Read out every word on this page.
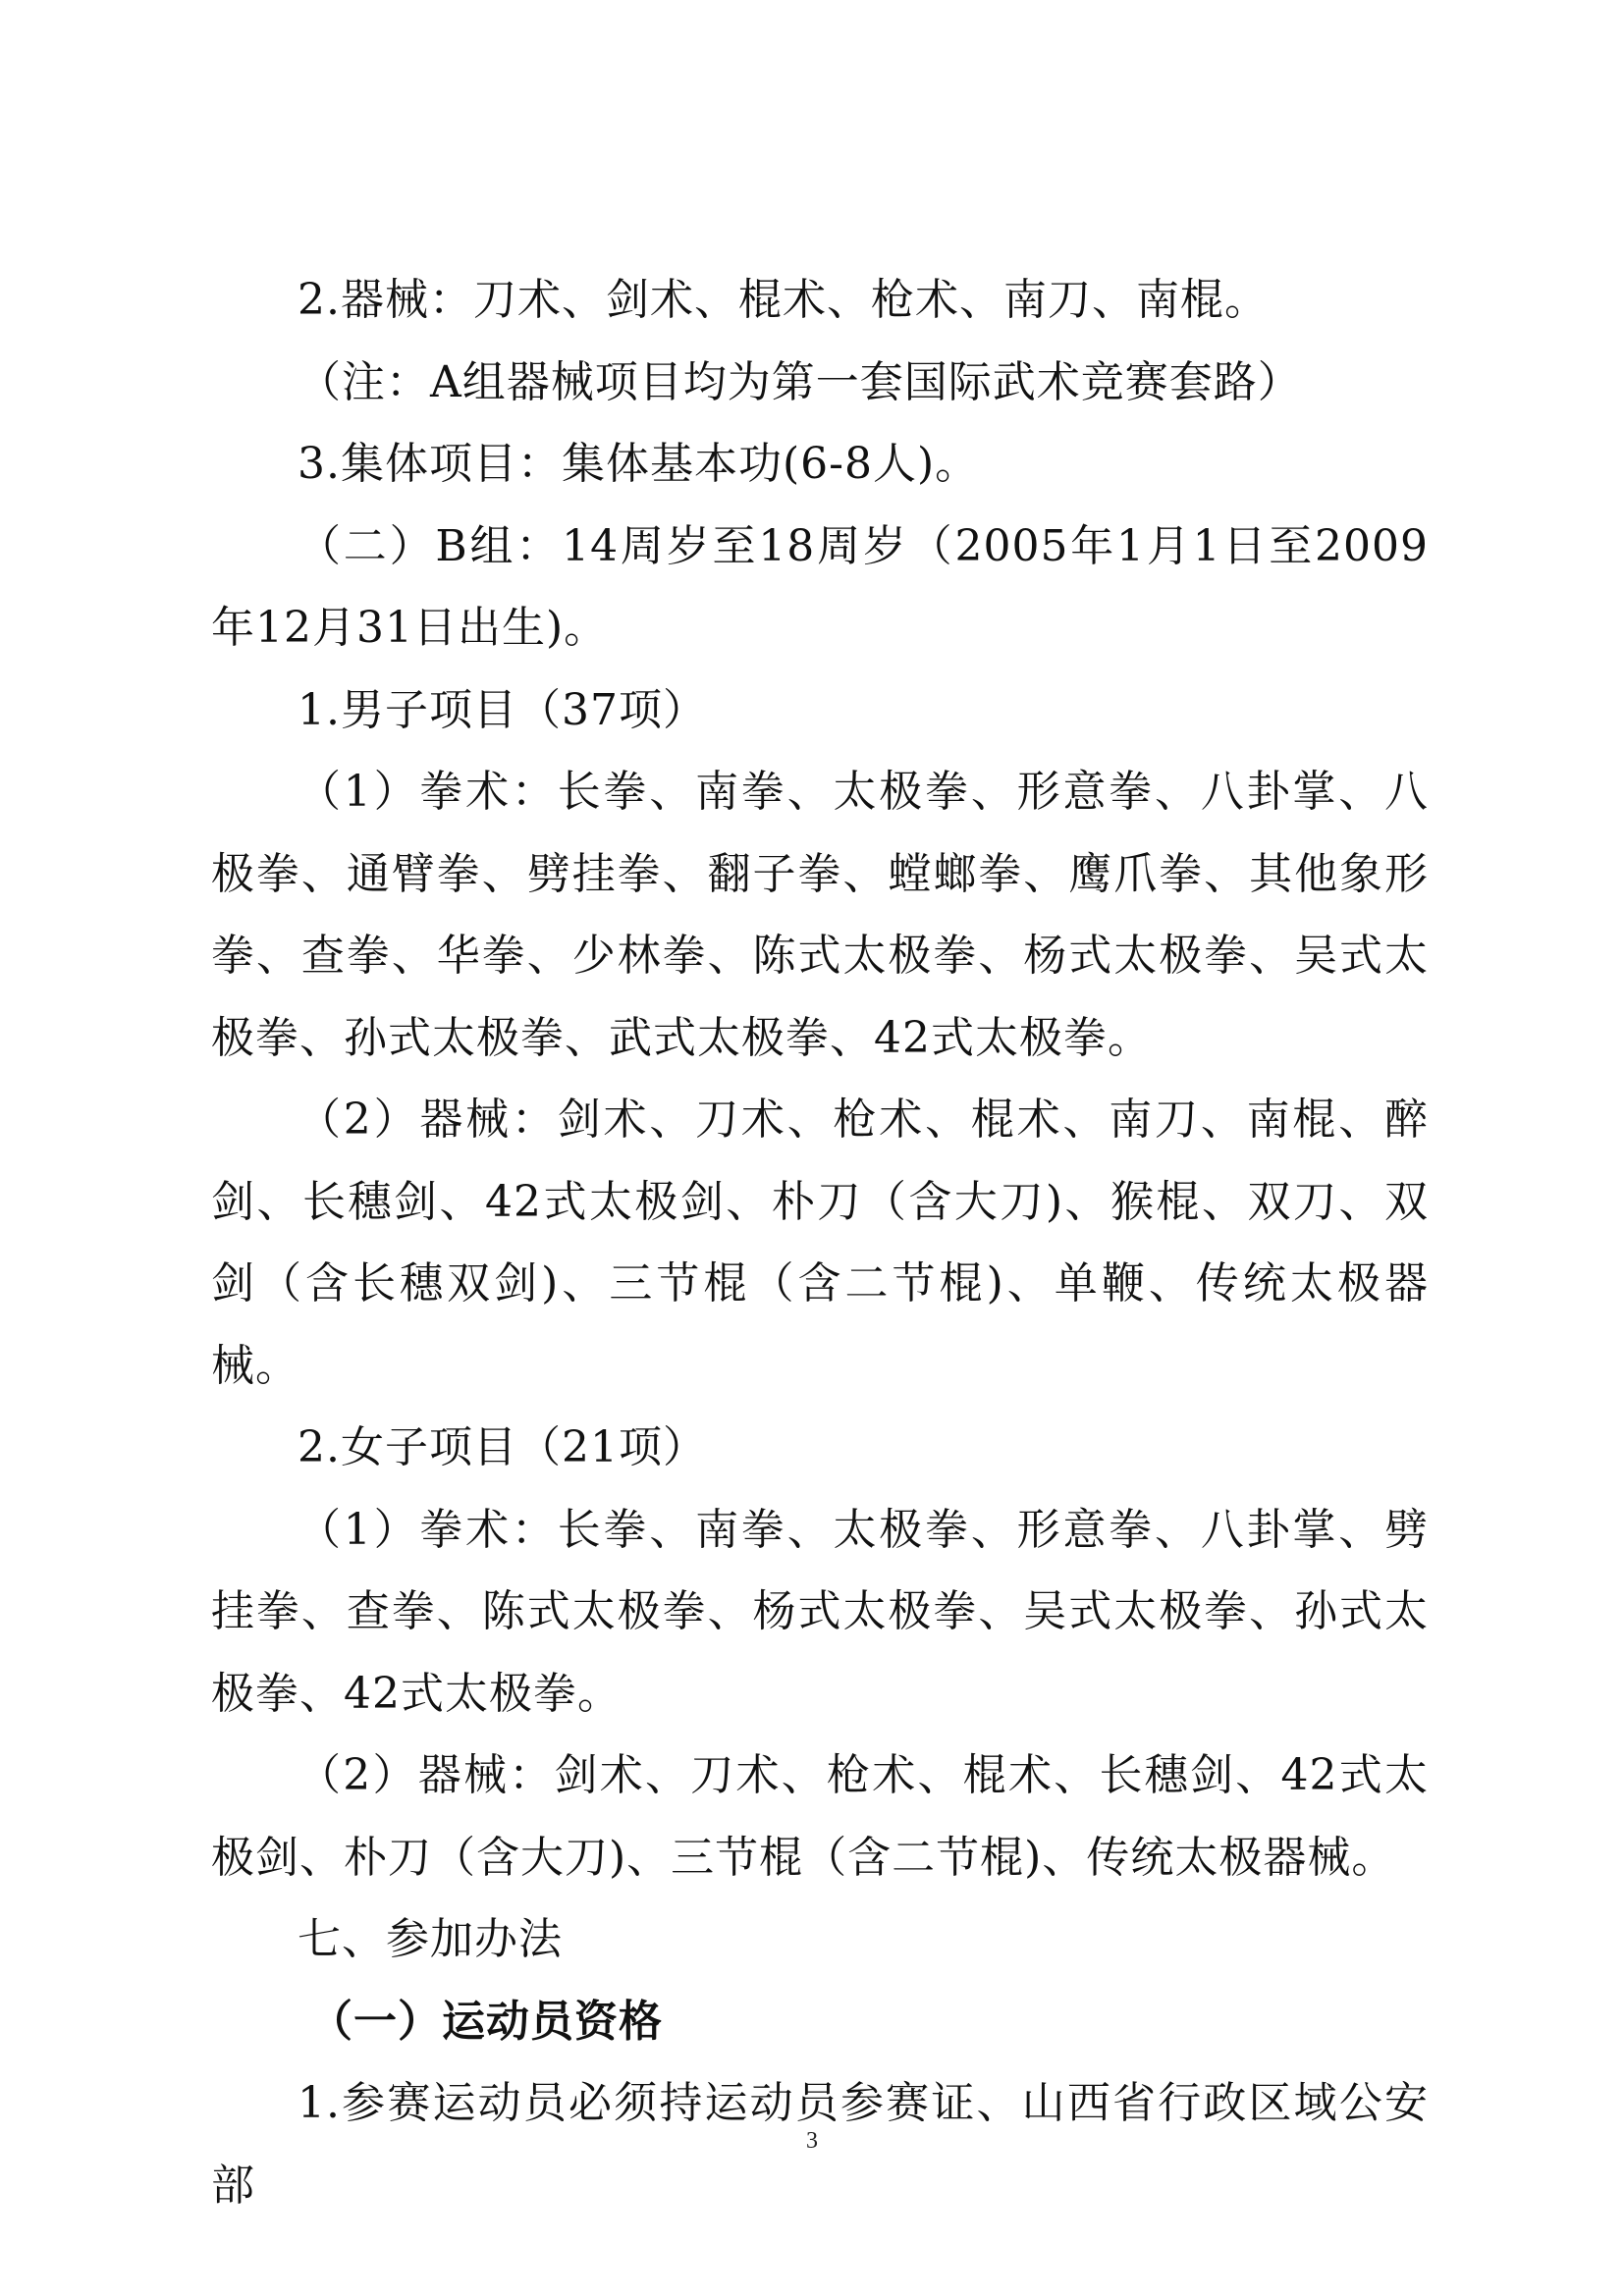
2.器械：刀术、剑术、棍术、枪术、南刀、南棍。

（注：A组器械项目均为第一套国际武术竞赛套路）

3.集体项目：集体基本功(6-8人)。

（二）B组：14周岁至18周岁（2005年1月1日至2009年12月31日出生)。

1.男子项目（37项）

（1）拳术：长拳、南拳、太极拳、形意拳、八卦掌、八极拳、通臂拳、劈挂拳、翻子拳、螳螂拳、鹰爪拳、其他象形拳、查拳、华拳、少林拳、陈式太极拳、杨式太极拳、吴式太极拳、孙式太极拳、武式太极拳、42式太极拳。

（2）器械：剑术、刀术、枪术、棍术、南刀、南棍、醉剑、长穗剑、42式太极剑、朴刀（含大刀)、猴棍、双刀、双剑（含长穗双剑)、三节棍（含二节棍)、单鞭、传统太极器械。

2.女子项目（21项）

（1）拳术：长拳、南拳、太极拳、形意拳、八卦掌、劈挂拳、查拳、陈式太极拳、杨式太极拳、吴式太极拳、孙式太极拳、42式太极拳。

（2）器械：剑术、刀术、枪术、棍术、长穗剑、42式太极剑、朴刀（含大刀)、三节棍（含二节棍)、传统太极器械。

七、参加办法

（一）运动员资格

1.参赛运动员必须持运动员参赛证、山西省行政区域公安部

3
